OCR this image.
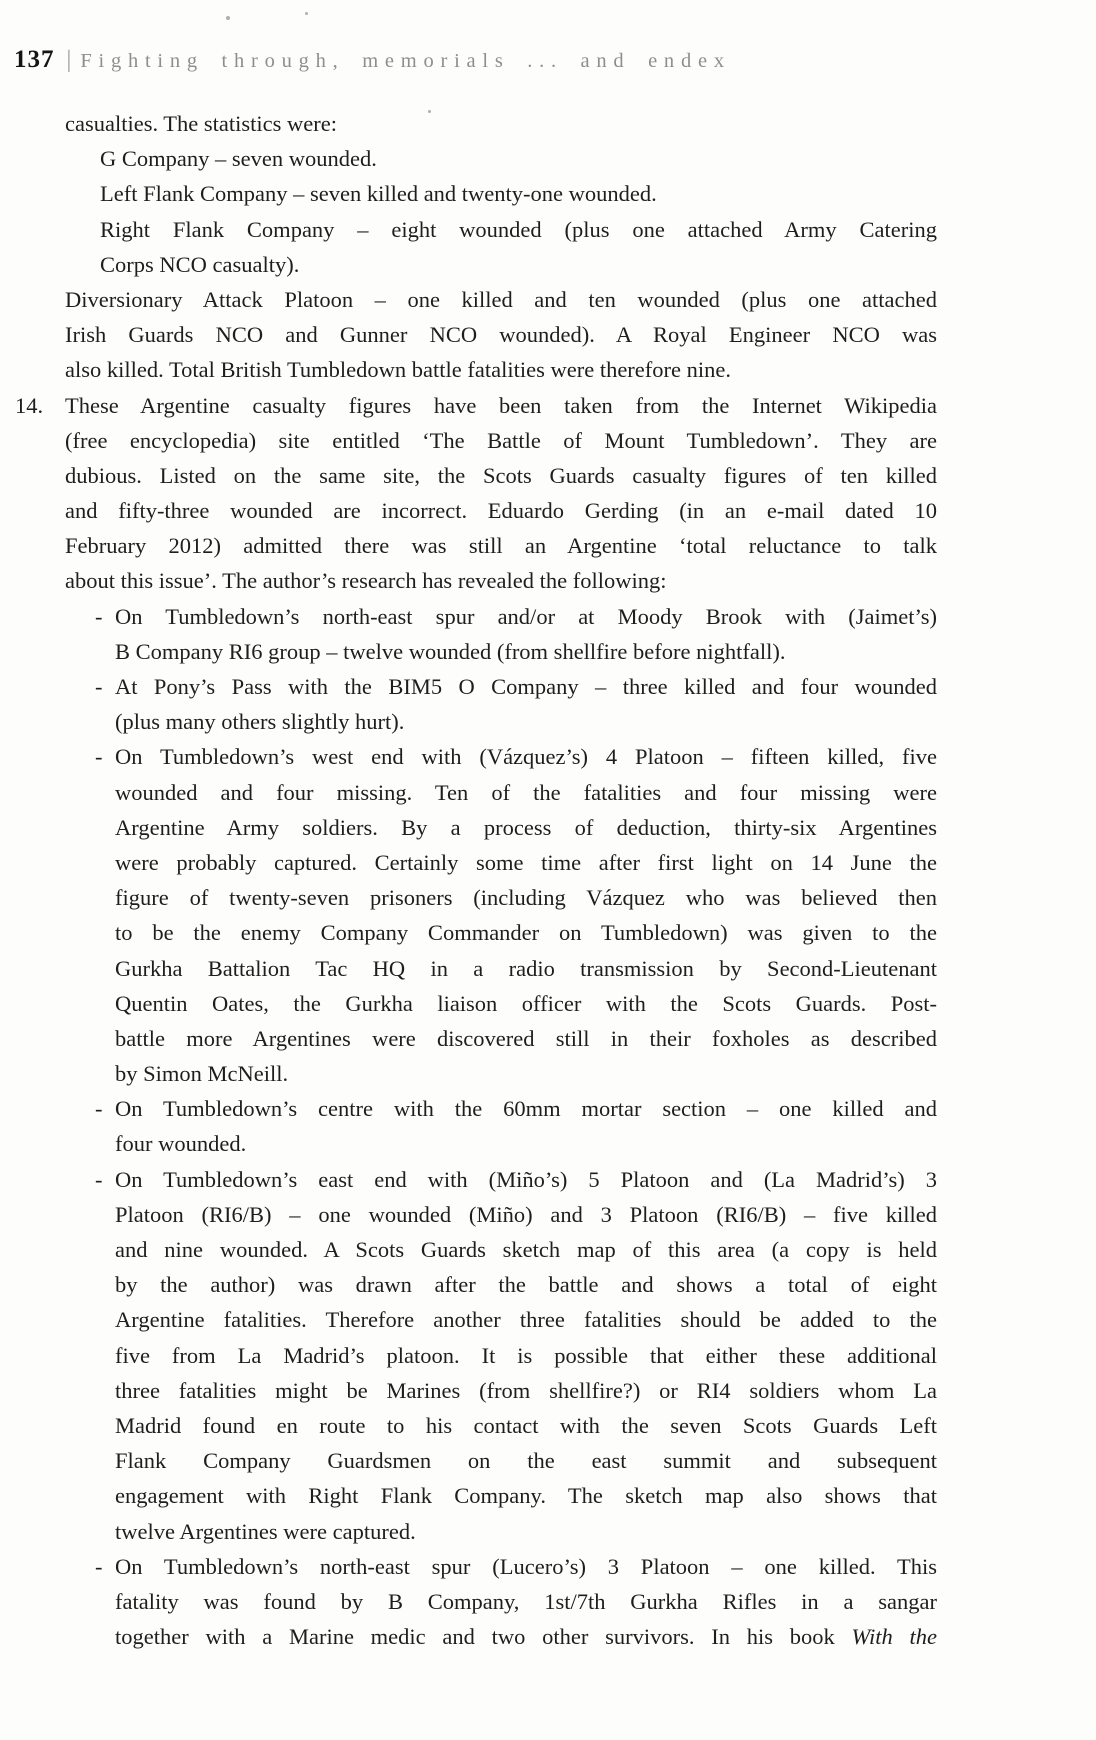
137 | Fighting through, memorials ... and endex
casualties. The statistics were:
G Company – seven wounded.
Left Flank Company – seven killed and twenty-one wounded.
Right Flank Company – eight wounded (plus one attached Army Catering
Corps NCO casualty).
Diversionary Attack Platoon – one killed and ten wounded (plus one attached
Irish Guards NCO and Gunner NCO wounded). A Royal Engineer NCO was
also killed. Total British Tumbledown battle fatalities were therefore nine.
14. These Argentine casualty figures have been taken from the Internet Wikipedia
(free encyclopedia) site entitled ‘The Battle of Mount Tumbledown’. They are
dubious. Listed on the same site, the Scots Guards casualty figures of ten killed
and fifty-three wounded are incorrect. Eduardo Gerding (in an e-mail dated 10
February 2012) admitted there was still an Argentine ‘total reluctance to talk
about this issue’. The author’s research has revealed the following:
- On Tumbledown’s north-east spur and/or at Moody Brook with (Jaimet’s)
B Company RI6 group – twelve wounded (from shellfire before nightfall).
- At Pony’s Pass with the BIM5 O Company – three killed and four wounded
(plus many others slightly hurt).
- On Tumbledown’s west end with (Vázquez’s) 4 Platoon – fifteen killed, five
wounded and four missing. Ten of the fatalities and four missing were
Argentine Army soldiers. By a process of deduction, thirty-six Argentines
were probably captured. Certainly some time after first light on 14 June the
figure of twenty-seven prisoners (including Vázquez who was believed then
to be the enemy Company Commander on Tumbledown) was given to the
Gurkha Battalion Tac HQ in a radio transmission by Second-Lieutenant
Quentin Oates, the Gurkha liaison officer with the Scots Guards. Post-
battle more Argentines were discovered still in their foxholes as described
by Simon McNeill.
- On Tumbledown’s centre with the 60mm mortar section – one killed and
four wounded.
- On Tumbledown’s east end with (Miño’s) 5 Platoon and (La Madrid’s) 3
Platoon (RI6/B) – one wounded (Miño) and 3 Platoon (RI6/B) – five killed
and nine wounded. A Scots Guards sketch map of this area (a copy is held
by the author) was drawn after the battle and shows a total of eight
Argentine fatalities. Therefore another three fatalities should be added to the
five from La Madrid’s platoon. It is possible that either these additional
three fatalities might be Marines (from shellfire?) or RI4 soldiers whom La
Madrid found en route to his contact with the seven Scots Guards Left
Flank Company Guardsmen on the east summit and subsequent
engagement with Right Flank Company. The sketch map also shows that
twelve Argentines were captured.
- On Tumbledown’s north-east spur (Lucero’s) 3 Platoon – one killed. This
fatality was found by B Company, 1st/7th Gurkha Rifles in a sangar
together with a Marine medic and two other survivors. In his book With the
